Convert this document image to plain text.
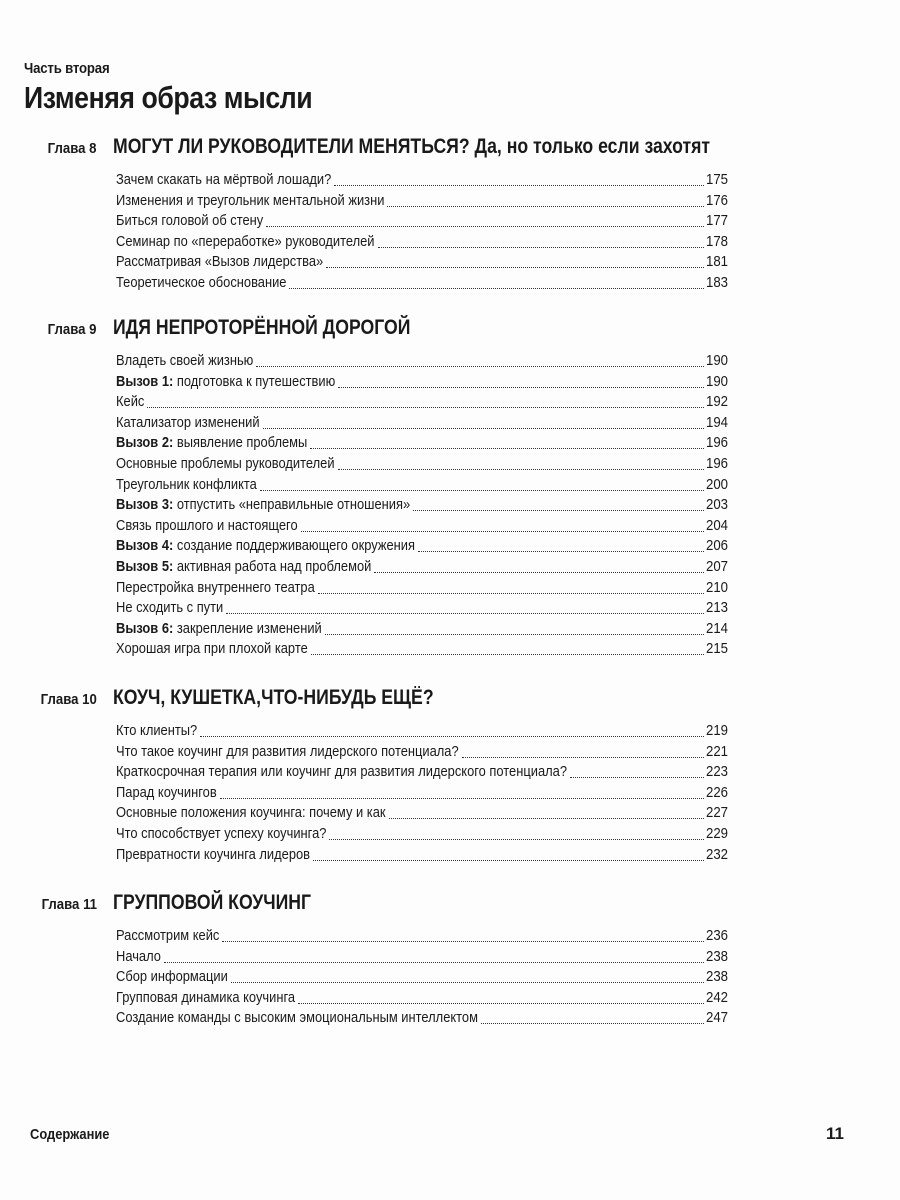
Часть вторая
Изменяя образ мысли
Глава 8 МОГУТ ЛИ РУКОВОДИТЕЛИ МЕНЯТЬСЯ? Да, но только если захотят
Зачем скакать на мёртвой лошади?	175
Изменения и треугольник ментальной жизни	176
Биться головой об стену	177
Семинар по «переработке» руководителей	178
Рассматривая «Вызов лидерства»	181
Теоретическое обоснование	183
Глава 9 ИДЯ НЕПРОТОРЁННОЙ ДОРОГОЙ
Владеть своей жизнью	190
Вызов 1: подготовка к путешествию	190
Кейс	192
Катализатор изменений	194
Вызов 2: выявление проблемы	196
Основные проблемы руководителей	196
Треугольник конфликта	200
Вызов 3: отпустить «неправильные отношения»	203
Связь прошлого и настоящего	204
Вызов 4: создание поддерживающего окружения	206
Вызов 5: активная работа над проблемой	207
Перестройка внутреннего театра	210
Не сходить с пути	213
Вызов 6: закрепление изменений	214
Хорошая игра при плохой карте	215
Глава 10 КОУЧ, КУШЕТКА,ЧТО-НИБУДЬ ЕЩЁ?
Кто клиенты?	219
Что такое коучинг для развития лидерского потенциала?	221
Краткосрочная терапия или коучинг для развития лидерского потенциала?	223
Парад коучингов	226
Основные положения коучинга: почему и как	227
Что способствует успеху коучинга?	229
Превратности коучинга лидеров	232
Глава 11 ГРУППОВОЙ КОУЧИНГ
Рассмотрим кейс	236
Начало	238
Сбор информации	238
Групповая динамика коучинга	242
Создание команды с высоким эмоциональным интеллектом	247
Содержание	11
